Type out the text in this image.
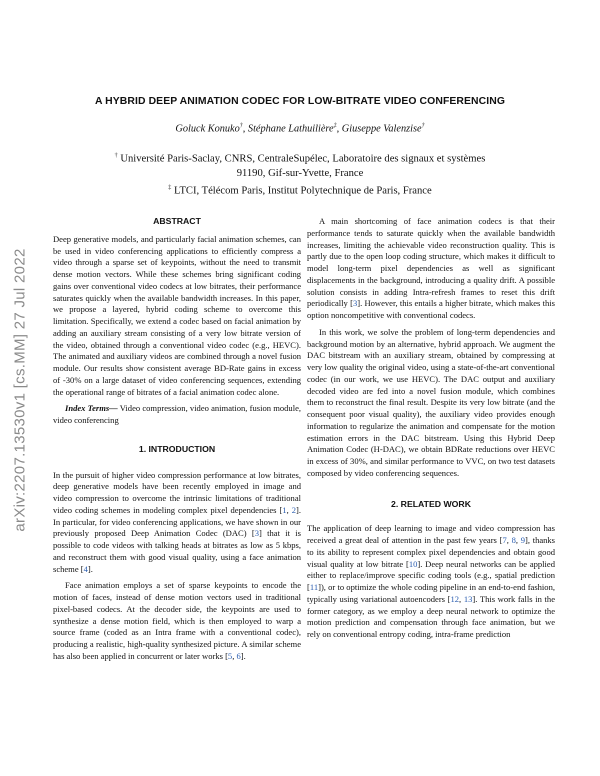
arXiv:2207.13530v1 [cs.MM] 27 Jul 2022
A HYBRID DEEP ANIMATION CODEC FOR LOW-BITRATE VIDEO CONFERENCING
Goluck Konuko†, Stéphane Lathuilière‡, Giuseppe Valenzise†
† Université Paris-Saclay, CNRS, CentraleSupélec, Laboratoire des signaux et systèmes
91190, Gif-sur-Yvette, France
‡ LTCI, Télécom Paris, Institut Polytechnique de Paris, France
ABSTRACT

Deep generative models, and particularly facial animation schemes, can be used in video conferencing applications to efficiently compress a video through a sparse set of keypoints, without the need to transmit dense motion vectors. While these schemes bring significant coding gains over conventional video codecs at low bitrates, their performance saturates quickly when the available bandwidth increases. In this paper, we propose a layered, hybrid coding scheme to overcome this limitation. Specifically, we extend a codec based on facial animation by adding an auxiliary stream consisting of a very low bitrate version of the video, obtained through a conventional video codec (e.g., HEVC). The animated and auxiliary videos are combined through a novel fusion module. Our results show consistent average BD-Rate gains in excess of -30% on a large dataset of video conferencing sequences, extending the operational range of bitrates of a facial animation codec alone.

Index Terms— Video compression, video animation, fusion module, video conferencing

1. INTRODUCTION

In the pursuit of higher video compression performance at low bitrates, deep generative models have been recently employed in image and video compression to overcome the intrinsic limitations of traditional video coding schemes in modeling complex pixel dependencies [1, 2]. In particular, for video conferencing applications, we have shown in our previously proposed Deep Animation Codec (DAC) [3] that it is possible to code videos with talking heads at bitrates as low as 5 kbps, and reconstruct them with good visual quality, using a face animation scheme [4].

Face animation employs a set of sparse keypoints to encode the motion of faces, instead of dense motion vectors used in traditional pixel-based codecs. At the decoder side, the keypoints are used to synthesize a dense motion field, which is then employed to warp a source frame (coded as an Intra frame with a conventional codec), producing a realistic, high-quality synthesized picture. A similar scheme has also been applied in concurrent or later works [5, 6].

A main shortcoming of face animation codecs is that their performance tends to saturate quickly when the available bandwidth increases, limiting the achievable video reconstruction quality. This is partly due to the open loop coding structure, which makes it difficult to model long-term pixel dependencies as well as significant displacements in the background, introducing a quality drift. A possible solution consists in adding Intra-refresh frames to reset this drift periodically [3]. However, this entails a higher bitrate, which makes this option noncompetitive with conventional codecs.

In this work, we solve the problem of long-term dependencies and background motion by an alternative, hybrid approach. We augment the DAC bitstream with an auxiliary stream, obtained by compressing at very low quality the original video, using a state-of-the-art conventional codec (in our work, we use HEVC). The DAC output and auxiliary decoded video are fed into a novel fusion module, which combines them to reconstruct the final result. Despite its very low bitrate (and the consequent poor visual quality), the auxiliary video provides enough information to regularize the animation and compensate for the motion estimation errors in the DAC bitstream. Using this Hybrid Deep Animation Codec (H-DAC), we obtain BDRate reductions over HEVC in excess of 30%, and similar performance to VVC, on two test datasets composed by video conferencing sequences.

2. RELATED WORK

The application of deep learning to image and video compression has received a great deal of attention in the past few years [7, 8, 9], thanks to its ability to represent complex pixel dependencies and obtain good visual quality at low bitrate [10]. Deep neural networks can be applied either to replace/improve specific coding tools (e.g., spatial prediction [11]), or to optimize the whole coding pipeline in an end-to-end fashion, typically using variational autoencoders [12, 13]. This work falls in the former category, as we employ a deep neural network to optimize the motion prediction and compensation through face animation, but we rely on conventional entropy coding, intra-frame prediction
